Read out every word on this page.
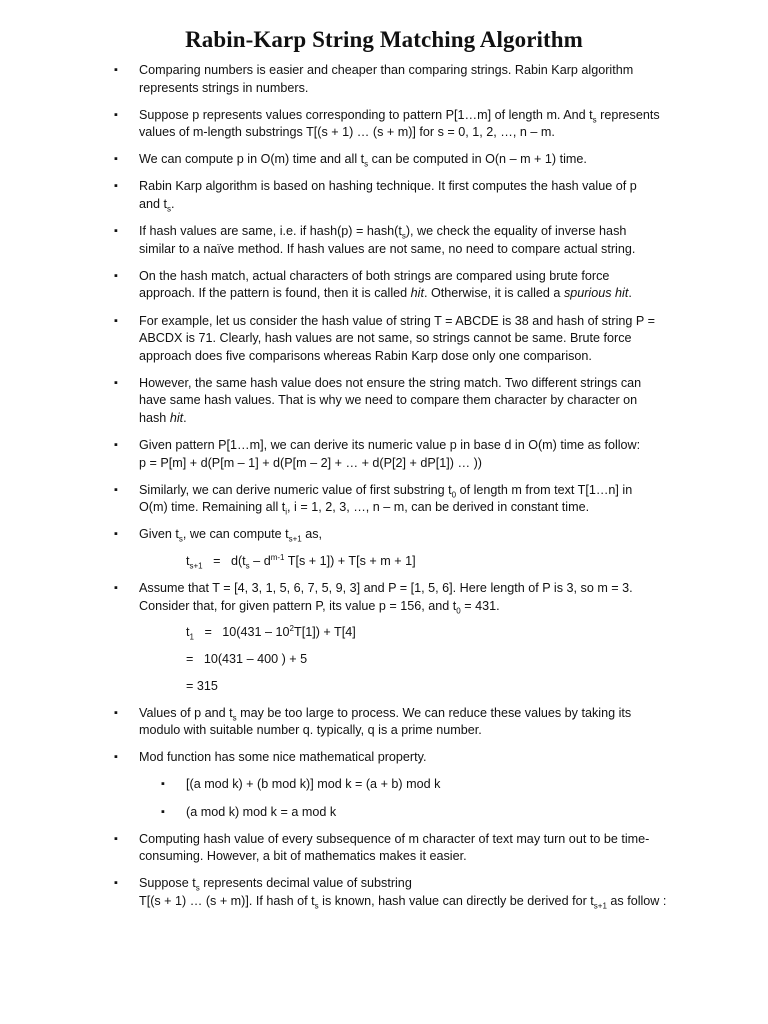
Rabin-Karp String Matching Algorithm
▪ Comparing numbers is easier and cheaper than comparing strings. Rabin Karp algorithm
represents strings in numbers.
▪ Suppose p represents values corresponding to pattern P[1…m] of length m. And $t_s$ represents
values of m-length substrings T[(s + 1) … (s + m)] for s = 0, 1, 2, …, n – m.
▪ We can compute p in O(m) time and all $t_s$ can be computed in O(n – m + 1) time.
▪ Rabin Karp algorithm is based on hashing technique. It first computes the hash value of p
and $t_s$.
▪ If hash values are same, i.e. if hash(p) = $hash(t_s)$, we check the equality of inverse hash
similar to a naïve method. If hash values are not same, no need to compare actual string.
▪ On the hash match, actual characters of both strings are compared using brute force
approach. If the pattern is found, then it is called hit. Otherwise, it is called a spurious hit.
▪ For example, let us consider the hash value of string T = ABCDE is 38 and hash of string P =
ABCDX is 71. Clearly, hash values are not same, so strings cannot be same. Brute force
approach does five comparisons whereas Rabin Karp dose only one comparison.
▪ However, the same hash value does not ensure the string match. Two different strings can
have same hash values. That is why we need to compare them character by character on
hash hit.
▪ Given pattern P[1…m], we can derive its numeric value p in base d in O(m) time as follow:
p = P[m] + d(P[m – 1] + d(P[m – 2] + … + d(P[2] + dP[1]) … ))
▪ Similarly, we can derive numeric value of first substring $t_0$ of length m from text T[1…n] in
O(m) time. Remaining all $t_i$, i = 1, 2, 3, …, n – m, can be derived in constant time.
▪ Given $t_s$, we can compute $t_{s+1}$ as,
$t_{s+1} = d(t_s - d^{m-1}$ T[s + 1]) + T[s + m + 1]
▪ Assume that T = [4, 3, 1, 5, 6, 7, 5, 9, 3] and P = [1, 5, 6]. Here length of P is 3, so m = 3.
Consider that, for given pattern P, its value p = 156, and $t_0 = 431$.
$t_1 = 10(431 - 10^2T[1]) + T[4]$
=   10(431 – 400 ) + 5
= 315
▪ Values of p and $t_s$ may be too large to process. We can reduce these values by taking its
modulo with suitable number q. typically, q is a prime number.
▪ Mod function has some nice mathematical property.
▪ [(a mod k) + (b mod k)] mod k = (a + b) mod k
▪ (a mod k) mod k = a mod k
▪ Computing hash value of every subsequence of m character of text may turn out to be time-
consuming. However, a bit of mathematics makes it easier.
▪ Suppose $t_s$ represents decimal value of substring
T[(s + 1) … (s + m)]. If hash of $t_s$ is known, hash value can directly be derived for $t_{s+1}$ as follow :
